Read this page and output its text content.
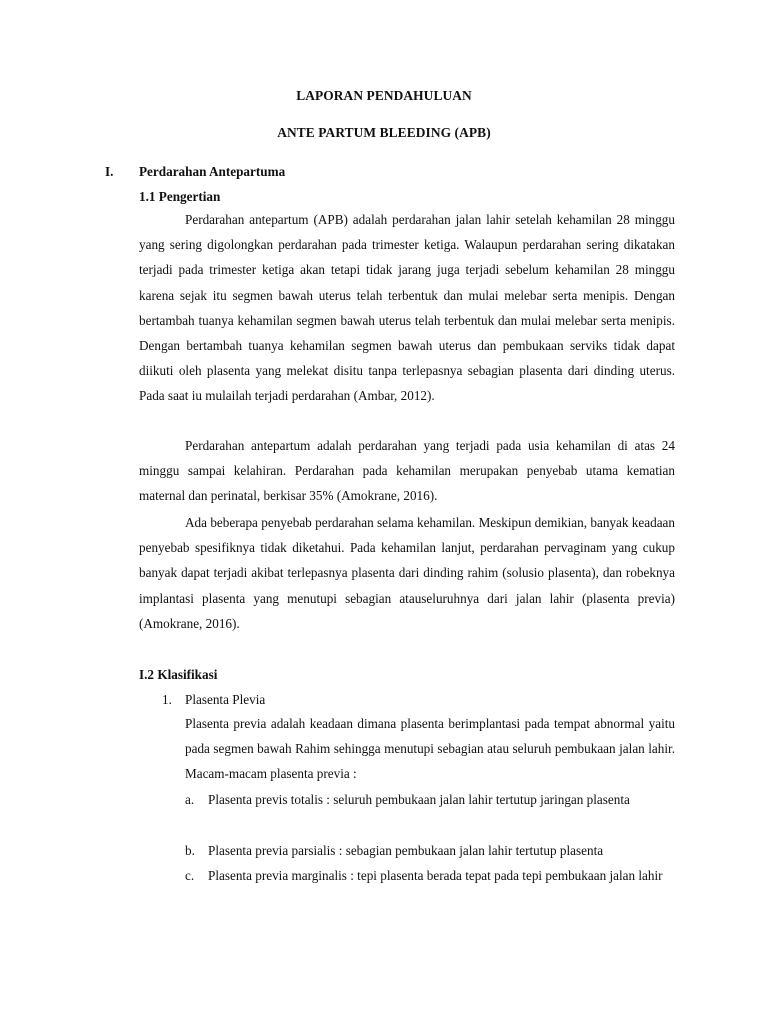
LAPORAN PENDAHULUAN
ANTE PARTUM BLEEDING (APB)
I. Perdarahan Antepartuma
1.1 Pengertian

Perdarahan antepartum (APB) adalah perdarahan jalan lahir setelah kehamilan 28 minggu yang sering digolongkan perdarahan pada trimester ketiga. Walaupun perdarahan sering dikatakan terjadi pada trimester ketiga akan tetapi tidak jarang juga terjadi sebelum kehamilan 28 minggu karena sejak itu segmen bawah uterus telah terbentuk dan mulai melebar serta menipis. Dengan bertambah tuanya kehamilan segmen bawah uterus telah terbentuk dan mulai melebar serta menipis. Dengan bertambah tuanya kehamilan segmen bawah uterus dan pembukaan serviks tidak dapat diikuti oleh plasenta yang melekat disitu tanpa terlepasnya sebagian plasenta dari dinding uterus. Pada saat iu mulailah terjadi perdarahan (Ambar, 2012).

Perdarahan antepartum adalah perdarahan yang terjadi pada usia kehamilan di atas 24 minggu sampai kelahiran. Perdarahan pada kehamilan merupakan penyebab utama kematian maternal dan perinatal, berkisar 35% (Amokrane, 2016).

Ada beberapa penyebab perdarahan selama kehamilan. Meskipun demikian, banyak keadaan penyebab spesifiknya tidak diketahui. Pada kehamilan lanjut, perdarahan pervaginam yang cukup banyak dapat terjadi akibat terlepasnya plasenta dari dinding rahim (solusio plasenta), dan robeknya implantasi plasenta yang menutupi sebagian atauseluruhnya dari jalan lahir (plasenta previa) (Amokrane, 2016).

I.2 Klasifikasi
1. Plasenta Plevia

Plasenta previa adalah keadaan dimana plasenta berimplantasi pada tempat abnormal yaitu pada segmen bawah Rahim sehingga menutupi sebagian atau seluruh pembukaan jalan lahir. Macam-macam plasenta previa :

a. Plasenta previs totalis : seluruh pembukaan jalan lahir tertutup jaringan plasenta

b. Plasenta previa parsialis : sebagian pembukaan jalan lahir tertutup plasenta

c. Plasenta previa marginalis : tepi plasenta berada tepat pada tepi pembukaan jalan lahir
